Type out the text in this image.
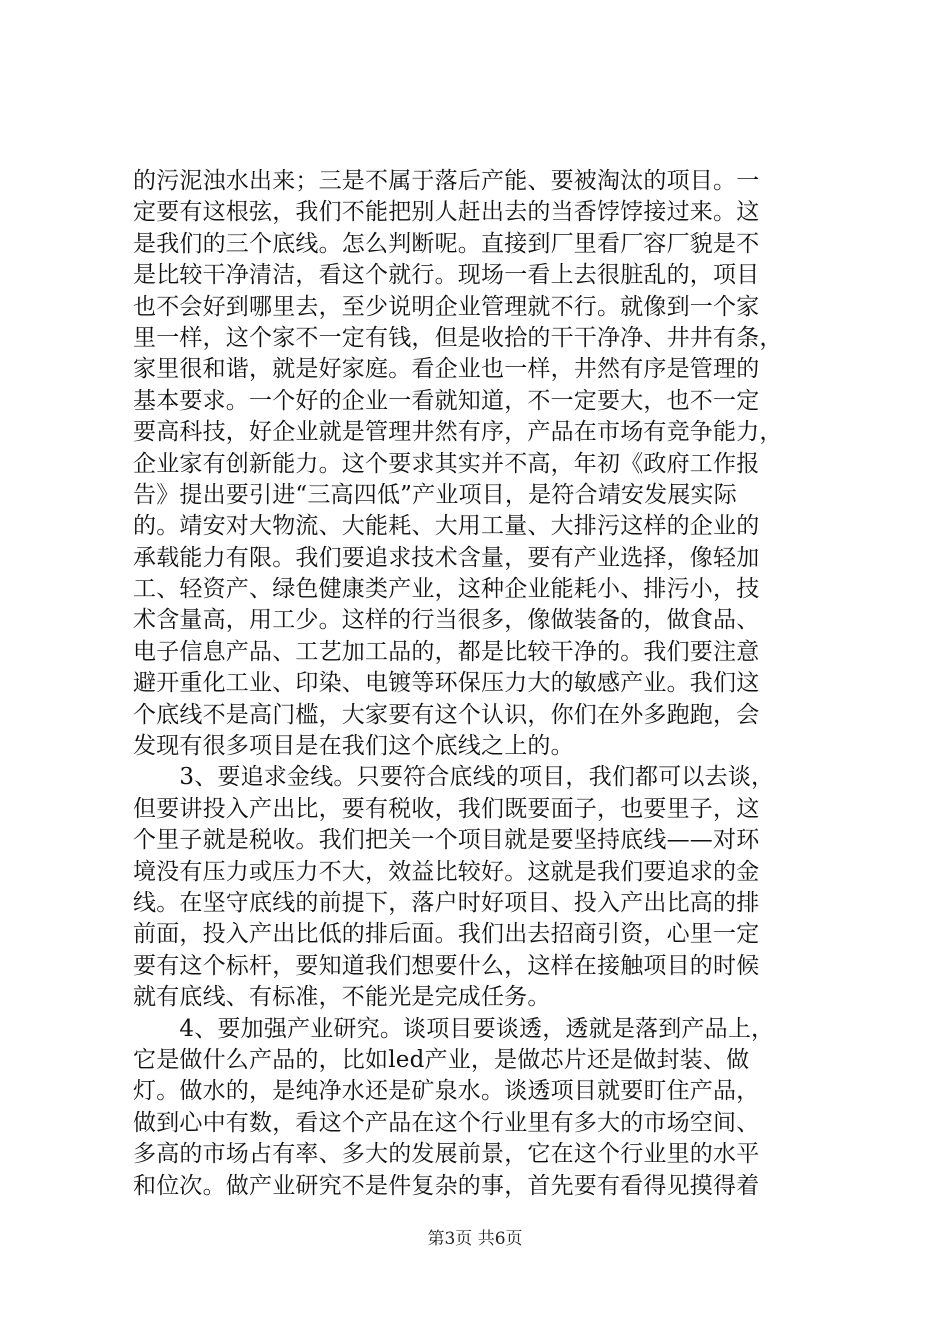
的污泥浊水出来；三是不属于落后产能、要被淘汰的项目。一
定要有这根弦，我们不能把别人赶出去的当香饽饽接过来。这
是我们的三个底线。怎么判断呢。直接到厂里看厂容厂貌是不
是比较干净清洁，看这个就行。现场一看上去很脏乱的，项目
也不会好到哪里去，至少说明企业管理就不行。就像到一个家
里一样，这个家不一定有钱，但是收拾的干干净净、井井有条，
家里很和谐，就是好家庭。看企业也一样，井然有序是管理的
基本要求。一个好的企业一看就知道，不一定要大，也不一定
要高科技，好企业就是管理井然有序，产品在市场有竞争能力，
企业家有创新能力。这个要求其实并不高，年初《政府工作报
告》提出要引进“三高四低”产业项目，是符合靖安发展实际
的。靖安对大物流、大能耗、大用工量、大排污这样的企业的
承载能力有限。我们要追求技术含量，要有产业选择，像轻加
工、轻资产、绿色健康类产业，这种企业能耗小、排污小，技
术含量高，用工少。这样的行当很多，像做装备的，做食品、
电子信息产品、工艺加工品的，都是比较干净的。我们要注意
避开重化工业、印染、电镀等环保压力大的敏感产业。我们这
个底线不是高门槛，大家要有这个认识，你们在外多跑跑，会
发现有很多项目是在我们这个底线之上的。
　　3、要追求金线。只要符合底线的项目，我们都可以去谈，
但要讲投入产出比，要有税收，我们既要面子，也要里子，这
个里子就是税收。我们把关一个项目就是要坚持底线——对环
境没有压力或压力不大，效益比较好。这就是我们要追求的金
线。在坚守底线的前提下，落户时好项目、投入产出比高的排
前面，投入产出比低的排后面。我们出去招商引资，心里一定
要有这个标杆，要知道我们想要什么，这样在接触项目的时候
就有底线、有标准，不能光是完成任务。
　　4、要加强产业研究。谈项目要谈透，透就是落到产品上，
它是做什么产品的，比如led产业，是做芯片还是做封装、做
灯。做水的，是纯净水还是矿泉水。谈透项目就要盯住产品，
做到心中有数，看这个产品在这个行业里有多大的市场空间、
多高的市场占有率、多大的发展前景，它在这个行业里的水平
和位次。做产业研究不是件复杂的事，首先要有看得见摸得着
第3页 共6页
